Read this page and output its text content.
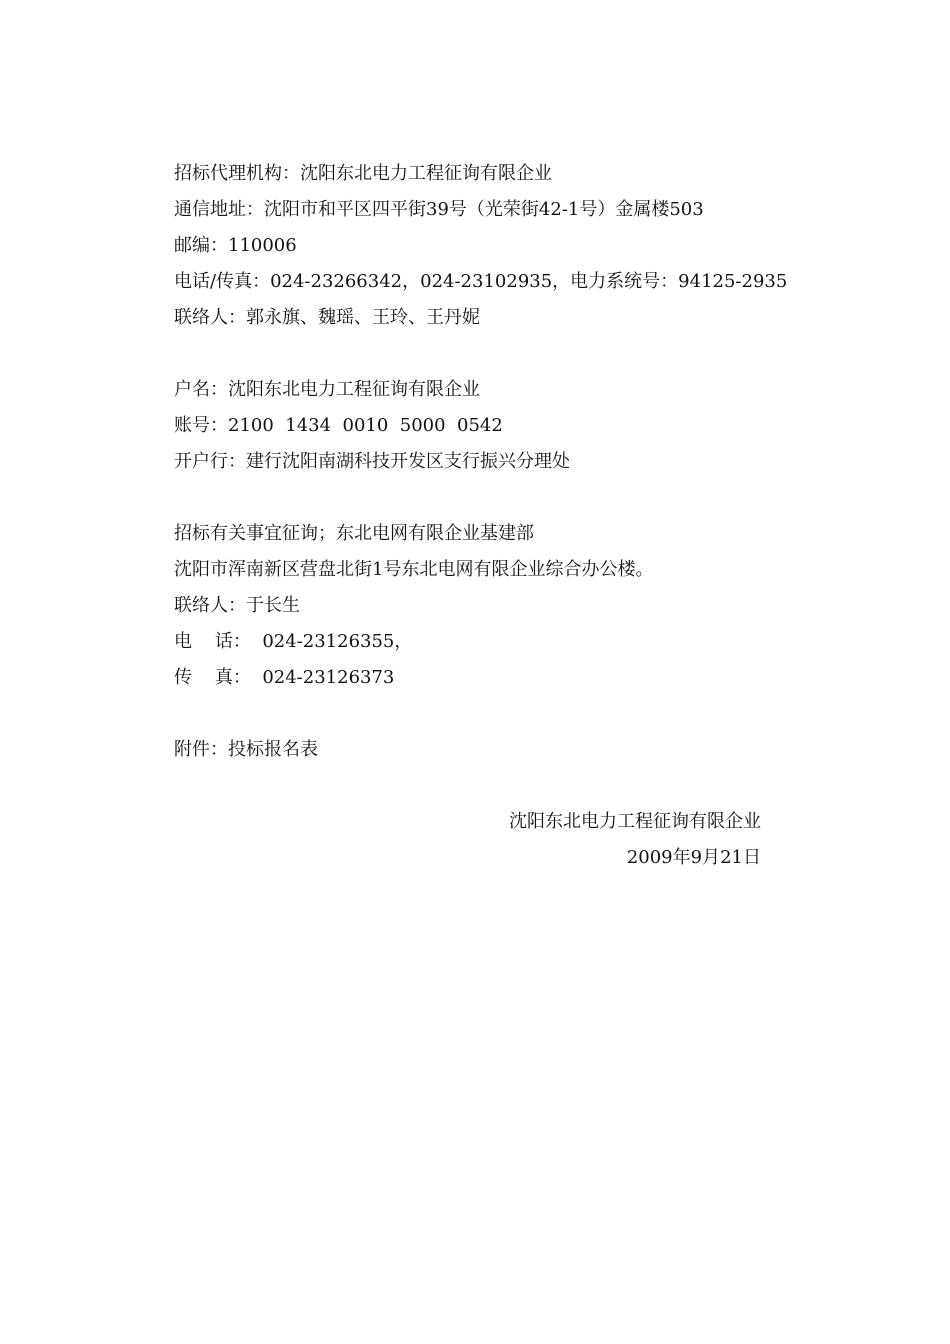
招标代理机构：沈阳东北电力工程征询有限企业
通信地址：沈阳市和平区四平街39号（光荣街42-1号）金属楼503
邮编：110006
电话/传真：024-23266342，024-23102935，电力系统号：94125-2935
联络人：郭永旗、魏瑶、王玲、王丹妮
户名：沈阳东北电力工程征询有限企业
账号：2100  1434  0010  5000  0542
开户行：建行沈阳南湖科技开发区支行振兴分理处
招标有关事宜征询；东北电网有限企业基建部
沈阳市浑南新区营盘北街1号东北电网有限企业综合办公楼。
联络人：于长生
电    话：  024-23126355，
传    真：  024-23126373
附件：投标报名表
沈阳东北电力工程征询有限企业
2009年9月21日
